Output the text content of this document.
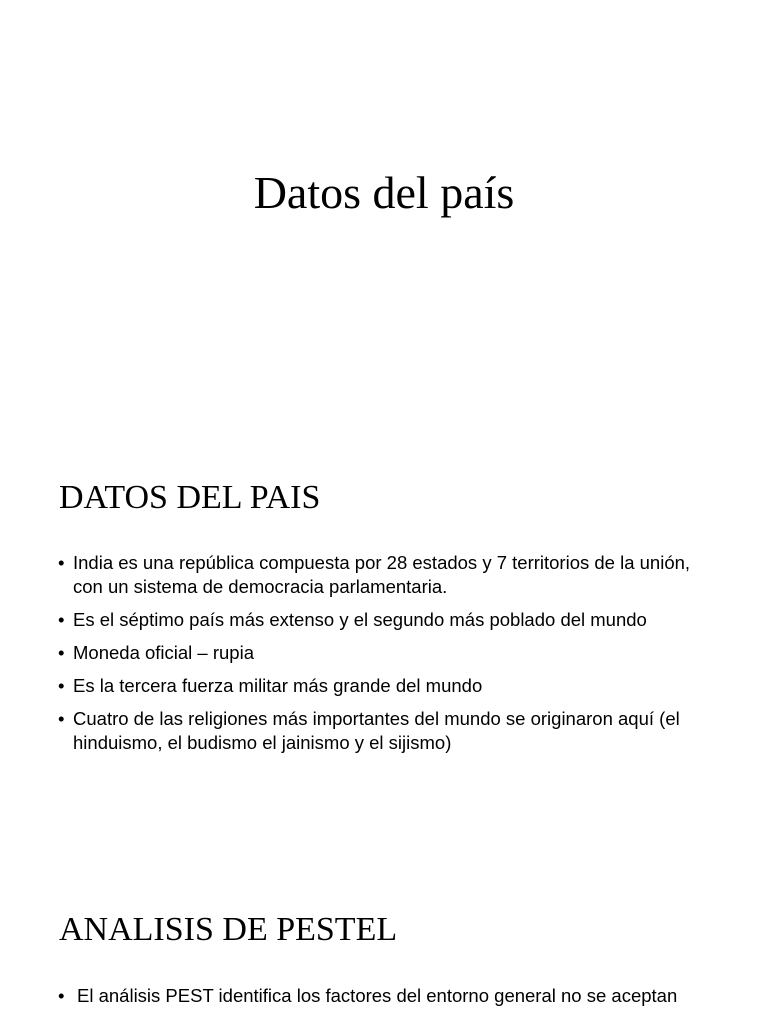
Datos del país
DATOS DEL PAIS
• India es una república compuesta por 28 estados y 7 territorios de la unión, con un sistema de democracia parlamentaria.
• Es el séptimo país más extenso y el segundo más poblado del mundo
• Moneda oficial – rupia
• Es la tercera fuerza militar más grande del mundo
• Cuatro de las religiones más importantes del mundo se originaron aquí (el hinduismo, el budismo el jainismo y el sijismo)
ANALISIS DE PESTEL
• El análisis PEST identifica los factores del entorno general no se aceptan
